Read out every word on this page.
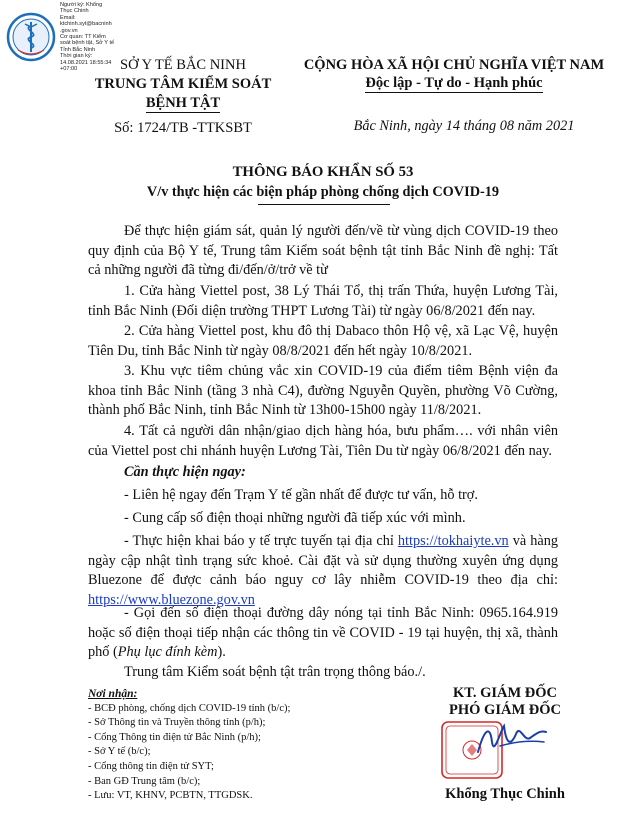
Người ký: Khổng
Thục Chinh
Email:
ktchinh.syt@bacninh
.gov.vn
Cơ quan: TT Kiểm
soát bệnh tật, Sở Y tế
Tỉnh Bắc Ninh
Thời gian ký:
14.08.2021 18:55:34
+07:00	SỞ Y TẾ BẮC NINH
TRUNG TÂM KIỂM SOÁT
BỆNH TẬT
Số: 1724/TB -TTKSBT
CỘNG HÒA XÃ HỘI CHỦ NGHĨA VIỆT NAM
Độc lập - Tự do - Hạnh phúc
Bắc Ninh, ngày 14 tháng 08 năm 2021
THÔNG BÁO KHẨN SỐ 53
V/v thực hiện các biện pháp phòng chống dịch COVID-19
Để thực hiện giám sát, quản lý người đến/về từ vùng dịch COVID-19 theo quy định của Bộ Y tế, Trung tâm Kiểm soát bệnh tật tỉnh Bắc Ninh đề nghị: Tất cả những người đã từng đi/đến/ở/trở về từ
1. Cửa hàng Viettel post, 38 Lý Thái Tổ, thị trấn Thứa, huyện Lương Tài, tỉnh Bắc Ninh (Đối diện trường THPT Lương Tài) từ ngày 06/8/2021 đến nay.
2. Cửa hàng Viettel post, khu đô thị Dabaco thôn Hộ vệ, xã Lạc Vệ, huyện Tiên Du, tỉnh Bắc Ninh từ ngày 08/8/2021 đến hết ngày 10/8/2021.
3. Khu vực tiêm chủng vắc xin COVID-19 của điểm tiêm Bệnh viện đa khoa tỉnh Bắc Ninh (tầng 3 nhà C4), đường Nguyễn Quyền, phường Võ Cường, thành phố Bắc Ninh, tỉnh Bắc Ninh từ 13h00-15h00 ngày 11/8/2021.
4. Tất cả người dân nhận/giao dịch hàng hóa, bưu phẩm…. với nhân viên của Viettel post chi nhánh huyện Lương Tài, Tiên Du từ ngày 06/8/2021 đến nay.
Cần thực hiện ngay:
- Liên hệ ngay đến Trạm Y tế gần nhất để được tư vấn, hỗ trợ.
- Cung cấp số điện thoại những người đã tiếp xúc với mình.
- Thực hiện khai báo y tế trực tuyến tại địa chỉ https://tokhaiyte.vn và hàng ngày cập nhật tình trạng sức khoẻ. Cài đặt và sử dụng thường xuyên ứng dụng Bluezone để được cảnh báo nguy cơ lây nhiễm COVID-19 theo địa chỉ: https://www.bluezone.gov.vn
- Gọi đến số điện thoại đường dây nóng tại tỉnh Bắc Ninh: 0965.164.919 hoặc số điện thoại tiếp nhận các thông tin về COVID - 19 tại huyện, thị xã, thành phố (Phụ lục đính kèm).
Trung tâm Kiểm soát bệnh tật trân trọng thông báo./.
Nơi nhận:
- BCĐ phòng, chống dịch COVID-19 tỉnh (b/c);
- Sở Thông tin và Truyền thông tỉnh (p/h);
- Cổng Thông tin điện tử Bắc Ninh (p/h);
- Sở Y tế (b/c);
- Cổng thông tin điện tử SYT;
- Ban GĐ Trung tâm (b/c);
- Lưu: VT, KHNV, PCBTN, TTGDSK.
KT. GIÁM ĐỐC
PHÓ GIÁM ĐỐC
Khổng Thục Chinh
